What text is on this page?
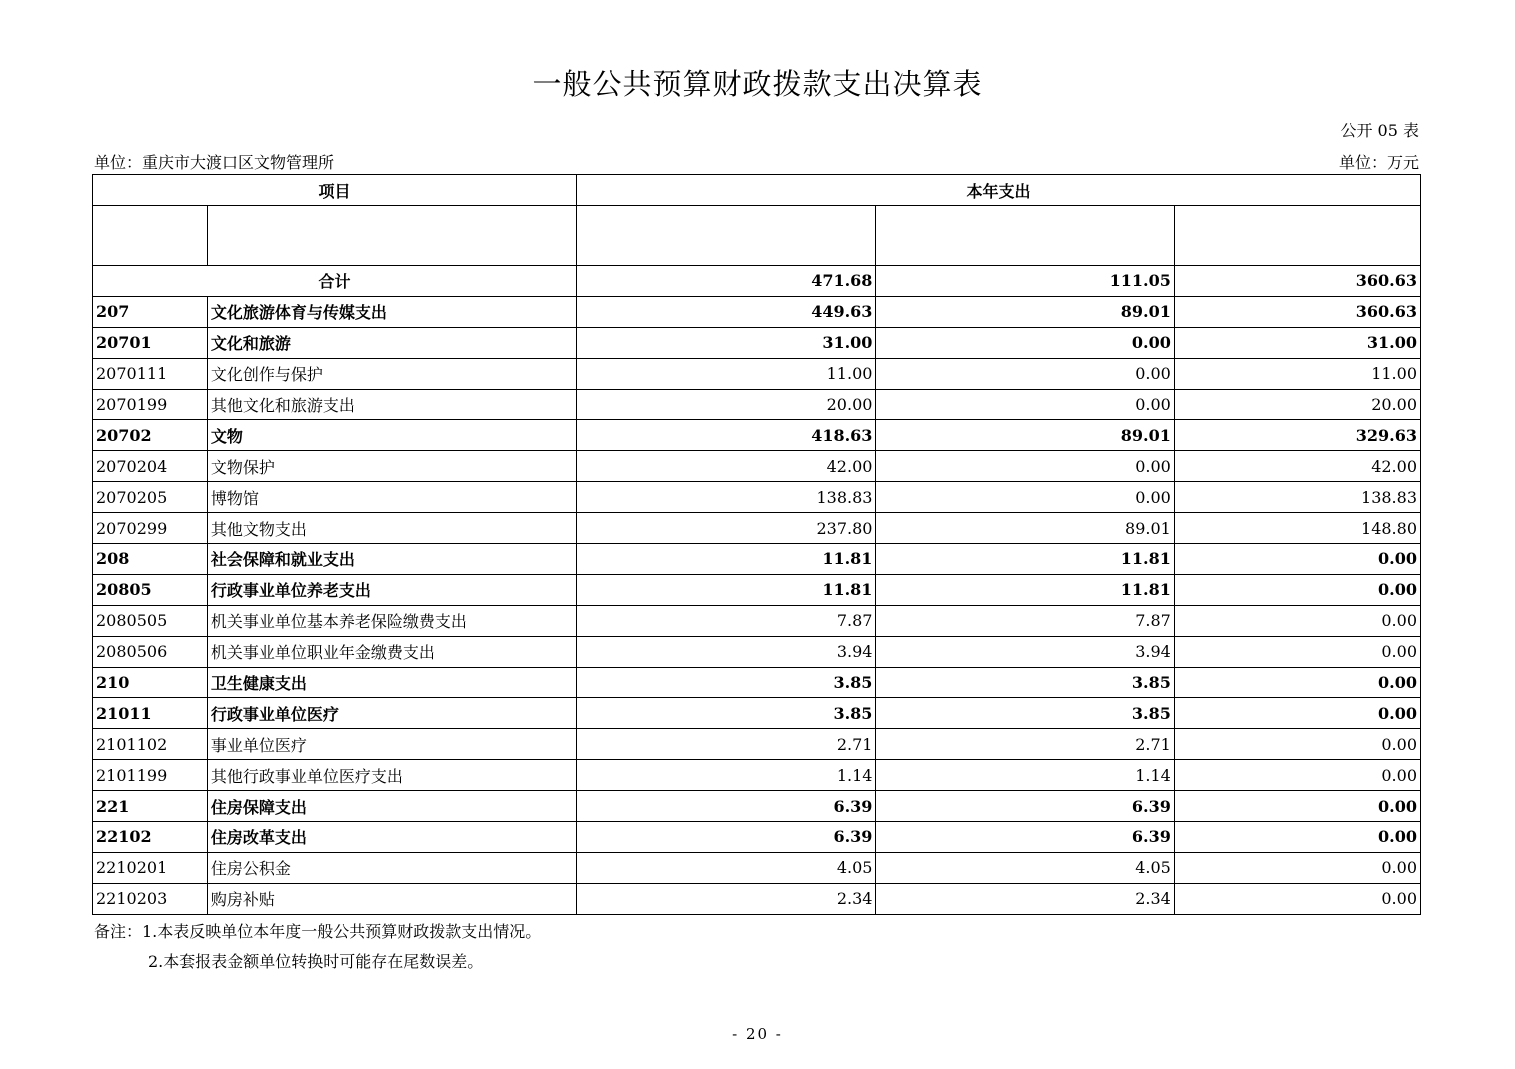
一般公共预算财政拨款支出决算表
公开 05 表
单位：重庆市大渡口区文物管理所	单位：万元
项目		本年支出		

合计		471.68	111.05	360.63
207	文化旅游体育与传媒支出	449.63	89.01	360.63
20701	文化和旅游	31.00	0.00	31.00
2070111	文化创作与保护	11.00	0.00	11.00
2070199	其他文化和旅游支出	20.00	0.00	20.00
20702	文物	418.63	89.01	329.63
2070204	文物保护	42.00	0.00	42.00
2070205	博物馆	138.83	0.00	138.83
2070299	其他文物支出	237.80	89.01	148.80
208	社会保障和就业支出	11.81	11.81	0.00
20805	行政事业单位养老支出	11.81	11.81	0.00
2080505	机关事业单位基本养老保险缴费支出	7.87	7.87	0.00
2080506	机关事业单位职业年金缴费支出	3.94	3.94	0.00
210	卫生健康支出	3.85	3.85	0.00
21011	行政事业单位医疗	3.85	3.85	0.00
2101102	事业单位医疗	2.71	2.71	0.00
2101199	其他行政事业单位医疗支出	1.14	1.14	0.00
221	住房保障支出	6.39	6.39	0.00
22102	住房改革支出	6.39	6.39	0.00
2210201	住房公积金	4.05	4.05	0.00
2210203	购房补贴	2.34	2.34	0.00
备注：1.本表反映单位本年度一般公共预算财政拨款支出情况。
2.本套报表金额单位转换时可能存在尾数误差。
- 20 -
